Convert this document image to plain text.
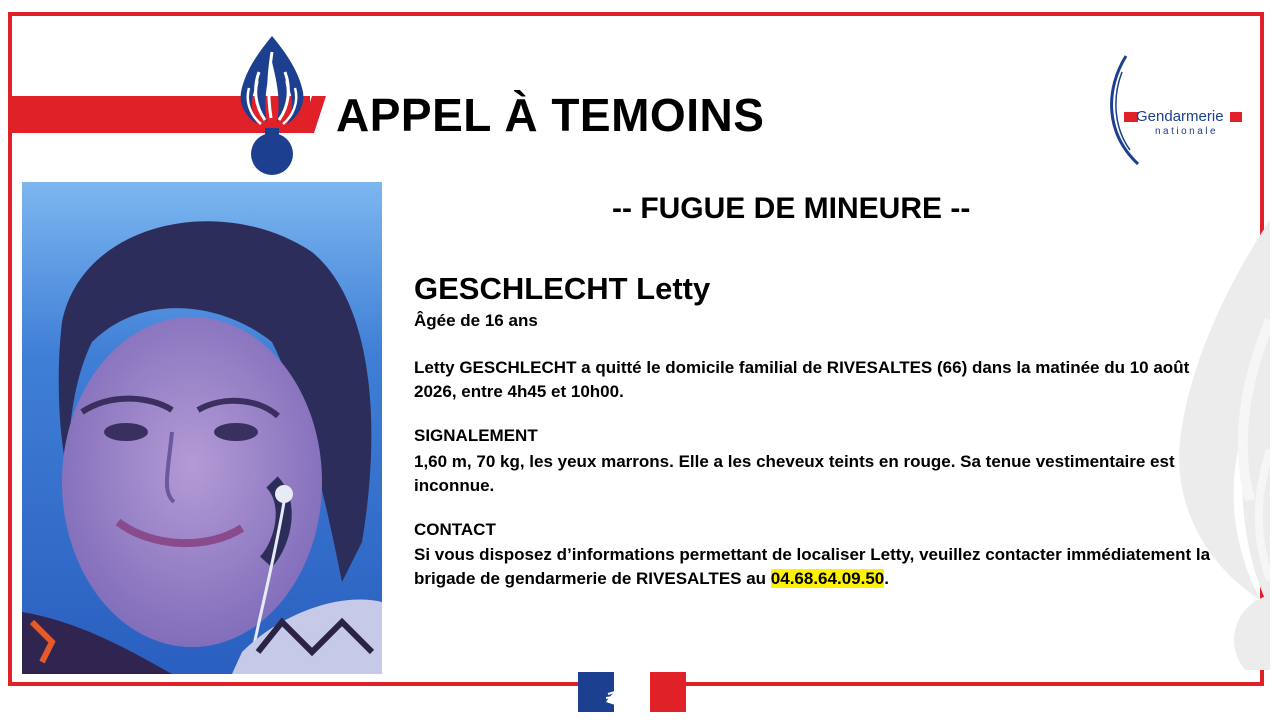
APPEL À TEMOINS	Gendarmerie
nationale
-- FUGUE DE MINEURE --
GESCHLECHT Letty
Âgée de 16 ans

Letty GESCHLECHT a quitté le domicile familial de RIVESALTES (66) dans la matinée du 10 août 2026, entre 4h45 et 10h00.

SIGNALEMENT

1,60 m, 70 kg, les yeux marrons. Elle a les cheveux teints en rouge. Sa tenue vestimentaire est inconnue.

CONTACT

Si vous disposez d’informations permettant de localiser Letty, veuillez contacter immédiatement la brigade de gendarmerie de RIVESALTES au 04.68.64.09.50.
